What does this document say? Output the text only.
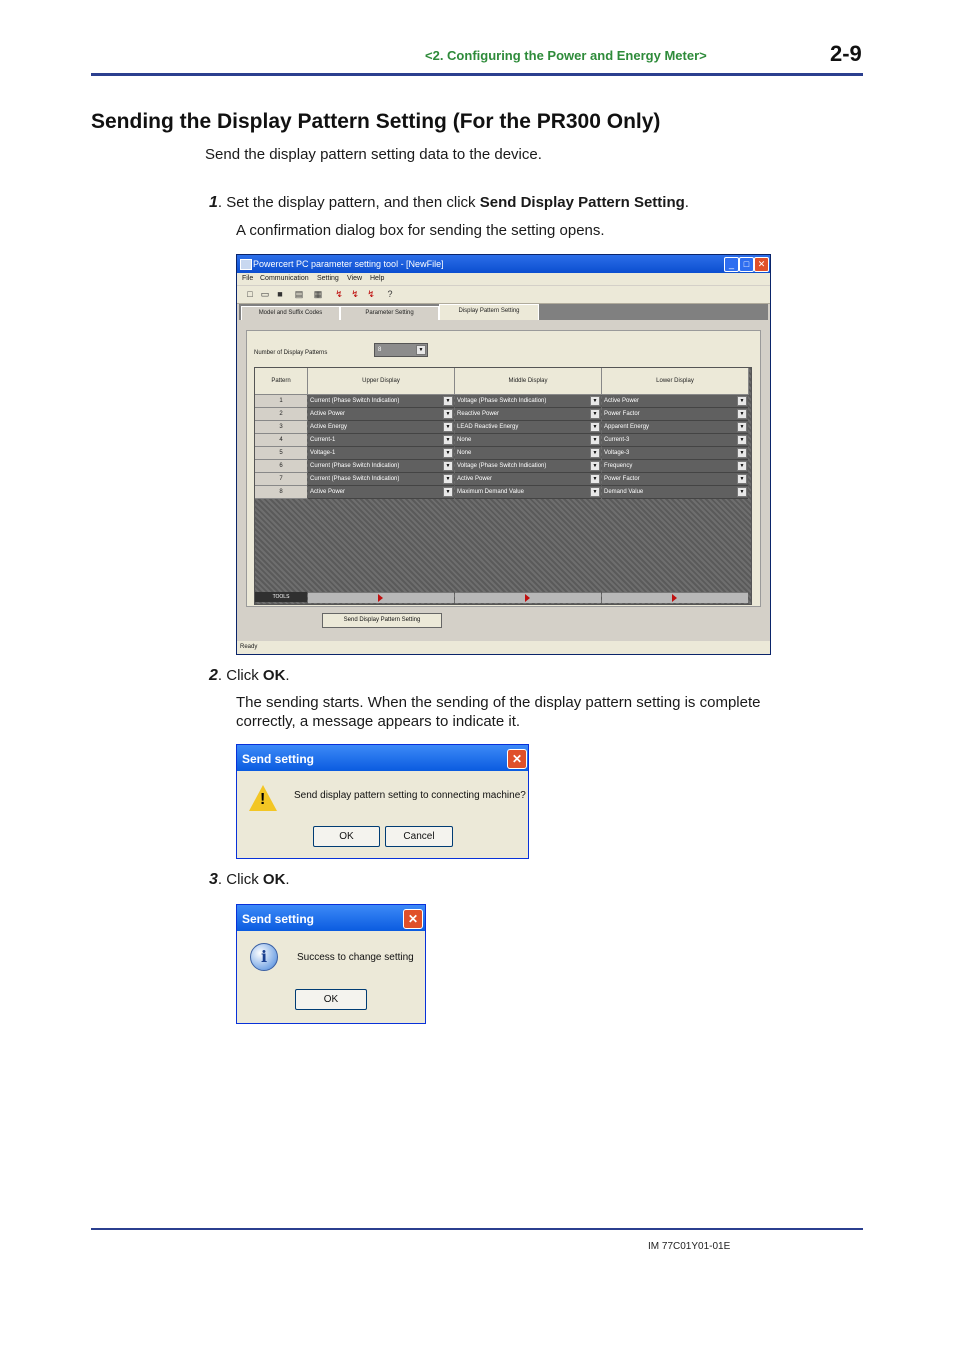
<2. Configuring the Power and Energy Meter>	2-9
Sending the Display Pattern Setting (For the PR300 Only)
Send the display pattern setting data to the device.
1. Set the display pattern, and then click Send Display Pattern Setting.
A confirmation dialog box for sending the setting opens.
Powercert PC parameter setting tool - [NewFile]	_	□ ✕
File Communication Setting View Help
□ ▭ ■ ▤ ▦ ↯ ↯ ↯ ?
Model and Suffix Codes	Parameter Setting	Display Pattern Setting
Number of Display Patterns	8	▼
Pattern	Upper Display	Middle Display	Lower Display
1	Current (Phase Switch Indication)	▼	Voltage (Phase Switch Indication)	▼	Active Power	▼
2	Active Power	▼	Reactive Power	▼	Power Factor	▼
3	Active Energy	▼	LEAD Reactive Energy	▼	Apparent Energy	▼
4	Current-1	▼	None	▼	Current-3	▼
5	Voltage-1	▼	None	▼	Voltage-3	▼
6	Current (Phase Switch Indication)	▼	Voltage (Phase Switch Indication)	▼	Frequency	▼
7	Current (Phase Switch Indication)	▼	Active Power	▼	Power Factor	▼
8	Active Power	▼	Maximum Demand Value	▼	Demand Value	▼
TOOLS
Send Display Pattern Setting
Ready
2. Click OK.
The sending starts. When the sending of the display pattern setting is complete
correctly, a message appears to indicate it.
Send setting	✕
!	Send display pattern setting to connecting machine?
OK	Cancel
3. Click OK.
Send setting	✕
i	Success to change setting
OK
IM 77C01Y01-01E
